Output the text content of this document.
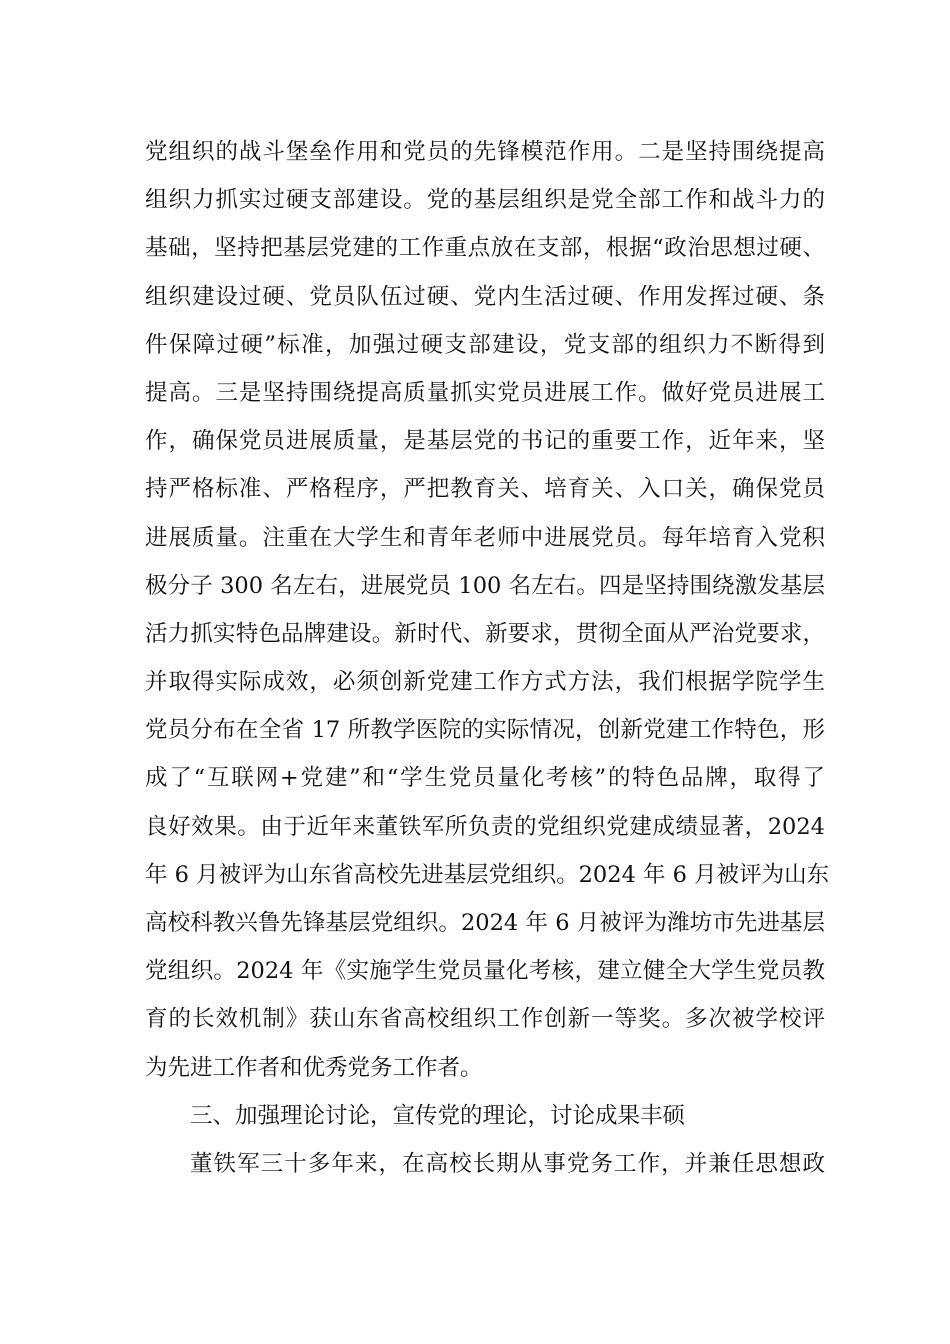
党组织的战斗堡垒作用和党员的先锋模范作用。二是坚持围绕提高
组织力抓实过硬支部建设。党的基层组织是党全部工作和战斗力的
基础，坚持把基层党建的工作重点放在支部，根据“政治思想过硬、
组织建设过硬、党员队伍过硬、党内生活过硬、作用发挥过硬、条
件保障过硬”标准，加强过硬支部建设，党支部的组织力不断得到
提高。三是坚持围绕提高质量抓实党员进展工作。做好党员进展工
作，确保党员进展质量，是基层党的书记的重要工作，近年来，坚
持严格标准、严格程序，严把教育关、培育关、入口关，确保党员
进展质量。注重在大学生和青年老师中进展党员。每年培育入党积
极分子 300 名左右，进展党员 100 名左右。四是坚持围绕激发基层
活力抓实特色品牌建设。新时代、新要求，贯彻全面从严治党要求，
并取得实际成效，必须创新党建工作方式方法，我们根据学院学生
党员分布在全省 17 所教学医院的实际情况，创新党建工作特色，形
成了“互联网+党建”和“学生党员量化考核”的特色品牌，取得了
良好效果。由于近年来董铁军所负责的党组织党建成绩显著，2024
年 6 月被评为山东省高校先进基层党组织。2024 年 6 月被评为山东
高校科教兴鲁先锋基层党组织。2024 年 6 月被评为潍坊市先进基层
党组织。2024 年《实施学生党员量化考核，建立健全大学生党员教
育的长效机制》获山东省高校组织工作创新一等奖。多次被学校评
为先进工作者和优秀党务工作者。
三、加强理论讨论，宣传党的理论，讨论成果丰硕
董铁军三十多年来，在高校长期从事党务工作，并兼任思想政
